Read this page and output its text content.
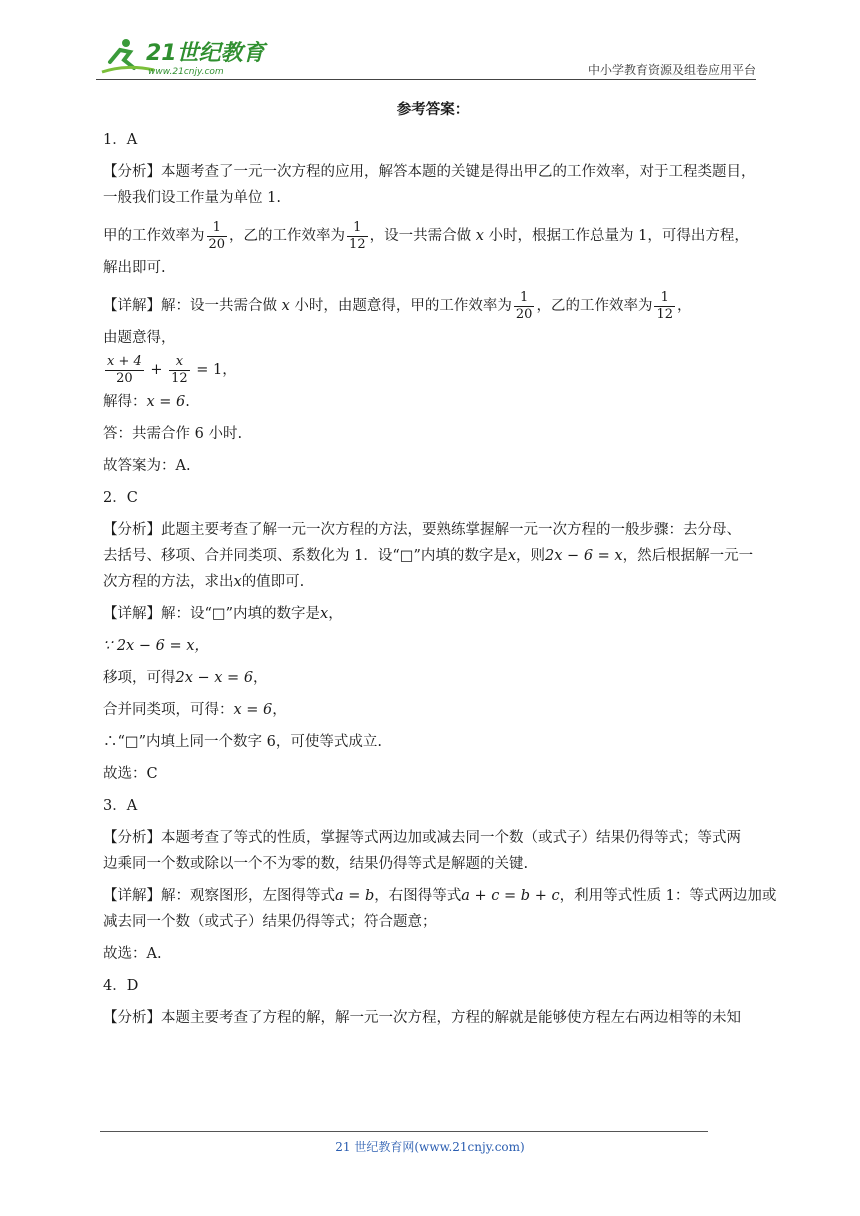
21世纪教育
www.21cnjy.com	中小学教育资源及组卷应用平台
参考答案：
1．A
【分析】本题考查了一元一次方程的应用，解答本题的关键是得出甲乙的工作效率，对于工程类题目，
一般我们设工作量为单位 1.
甲的工作效率为 $\frac{1}{20}$ ，乙的工作效率为 $\frac{1}{12}$ ，设一共需合做 x 小时，根据工作总量为 1，可得出方程，
解出即可.
【详解】解：设一共需合做 x 小时，由题意得，甲的工作效率为 $\frac{1}{20}$ ，乙的工作效率为 $\frac{1}{12}$ ，
由题意得，
$\frac{x + 4}{20} + \frac{x}{12} = 1$，
解得：x = 6.
答：共需合作 6 小时.
故答案为：A.
2．C
【分析】此题主要考查了解一元一次方程的方法，要熟练掌握解一元一次方程的一般步骤：去分母、
去括号、移项、合并同类项、系数化为 1．设“□”内填的数字是x，则2x − 6 = x，然后根据解一元一
次方程的方法，求出x的值即可.
【详解】解：设“□”内填的数字是x，
∵ 2x − 6 = x，
移项，可得2x − x = 6，
合并同类项，可得：x = 6，
∴“□”内填上同一个数字 6，可使等式成立.
故选：C
3．A
【分析】本题考查了等式的性质，掌握等式两边加或减去同一个数（或式子）结果仍得等式；等式两
边乘同一个数或除以一个不为零的数，结果仍得等式是解题的关键.
【详解】解：观察图形，左图得等式a = b，右图得等式a + c = b + c，利用等式性质 1：等式两边加或
减去同一个数（或式子）结果仍得等式；符合题意；
故选：A.
4．D
【分析】本题主要考查了方程的解，解一元一次方程，方程的解就是能够使方程左右两边相等的未知
21 世纪教育网(www.21cnjy.com)
